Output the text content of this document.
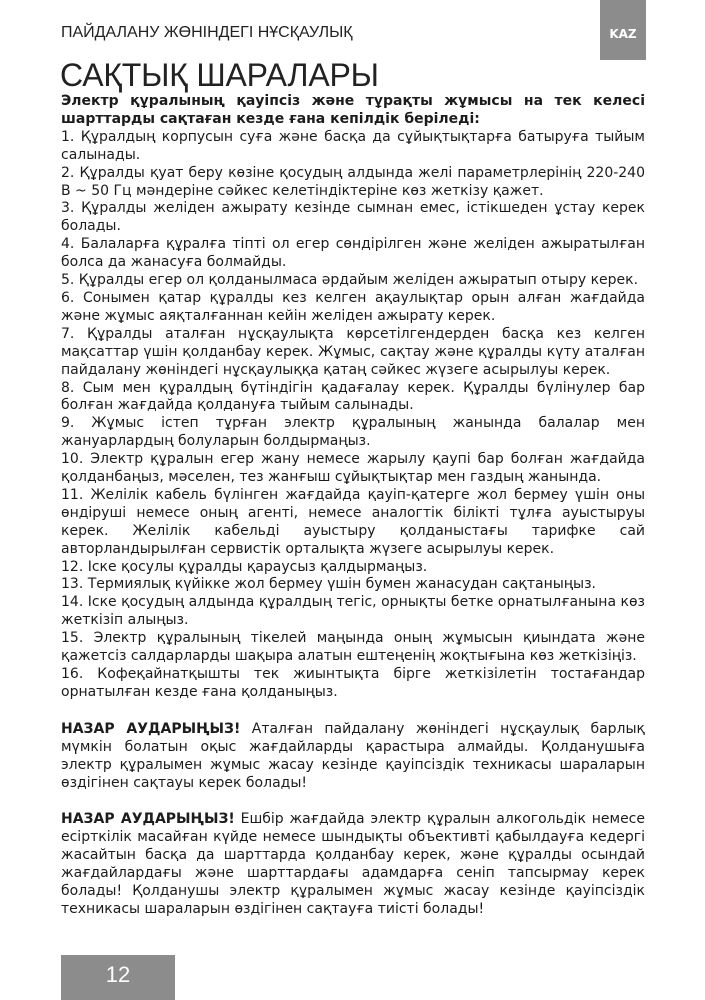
ПАЙДАЛАНУ ЖӨНІНДЕГІ НҰСҚАУЛЫҚ	KAZ
САҚТЫҚ ШАРАЛАРЫ

Электр құралының қауіпсіз және тұрақты жұмысы на тек келесі шарттарды сақтаған кезде ғана кепілдік беріледі:

1. Құралдың корпусын суға және басқа да сұйықтықтарға батыруға тыйым салынады.

2. Құралды қуат беру көзіне қосудың алдында желі параметрлерінің 220-240 В ~ 50 Гц мәндеріне сәйкес келетіндіктеріне көз жеткізу қажет.

3. Құралды желіден ажырату кезінде сымнан емес, істікшеден ұстау керек болады.

4. Балаларға құралға тіпті ол егер сөндірілген және желіден ажыратылған болса да жанасуға болмайды.

5. Құралды егер ол қолданылмаса әрдайым желіден ажыратып отыру керек.

6. Сонымен қатар құралды кез келген ақаулықтар орын алған жағдайда және жұмыс аяқталғаннан кейін желіден ажырату керек.

7. Құралды аталған нұсқаулықта көрсетілгендерден басқа кез келген мақсаттар үшін қолданбау керек. Жұмыс, сақтау және құралды күту аталған пайдалану жөніндегі нұсқаулыққа қатаң сәйкес жүзеге асырылуы керек.

8. Сым мен құралдың бүтіндігін қадағалау керек. Құралды бүлінулер бар болған жағдайда қолдануға тыйым салынады.

9. Жұмыс істеп тұрған электр құралының жанында балалар мен жануарлардың болуларын болдырмаңыз.

10. Электр құралын егер жану немесе жарылу қаупі бар болған жағдайда қолданбаңыз, мәселен, тез жанғыш сұйықтықтар мен газдың жанында.

11. Желілік кабель бүлінген жағдайда қауіп-қатерге жол бермеу үшін оны өндіруші немесе оның агенті, немесе аналогтік білікті тұлға ауыстыруы керек. Желілік кабельді ауыстыру қолданыстағы тарифке сай авторландырылған сервистік орталықта жүзеге асырылуы керек.

12. Іске қосулы құралды қараусыз қалдырмаңыз.

13. Термиялық күйікке жол бермеу үшін бумен жанасудан сақтаныңыз.

14. Іске қосудың алдында құралдың тегіс, орнықты бетке орнатылғанына көз жеткізіп алыңыз.

15. Электр құралының тікелей маңында оның жұмысын қиындата және қажетсіз салдарларды шақыра алатын ештеңенің жоқтығына көз жеткізіңіз.

16. Кофеқайнатқышты тек жиынтықта бірге жеткізілетін тостағандар орнатылған кезде ғана қолданыңыз.

НАЗАР АУДАРЫҢЫЗ! Аталған пайдалану жөніндегі нұсқаулық барлық мүмкін болатын оқыс жағдайларды қарастыра алмайды. Қолданушыға электр құралымен жұмыс жасау кезінде қауіпсіздік техникасы шараларын өздігінен сақтауы керек болады!

НАЗАР АУДАРЫҢЫЗ! Ешбір жағдайда электр құралын алкогольдік немесе есірткілік масайған күйде немесе шындықты объективті қабылдауға кедергі жасайтын басқа да шарттарда қолданбау керек, және құралды осындай жағдайлардағы және шарттардағы адамдарға сеніп тапсырмау керек болады! Қолданушы электр құралымен жұмыс жасау кезінде қауіпсіздік техникасы шараларын өздігінен сақтауға тиісті болады!

12
